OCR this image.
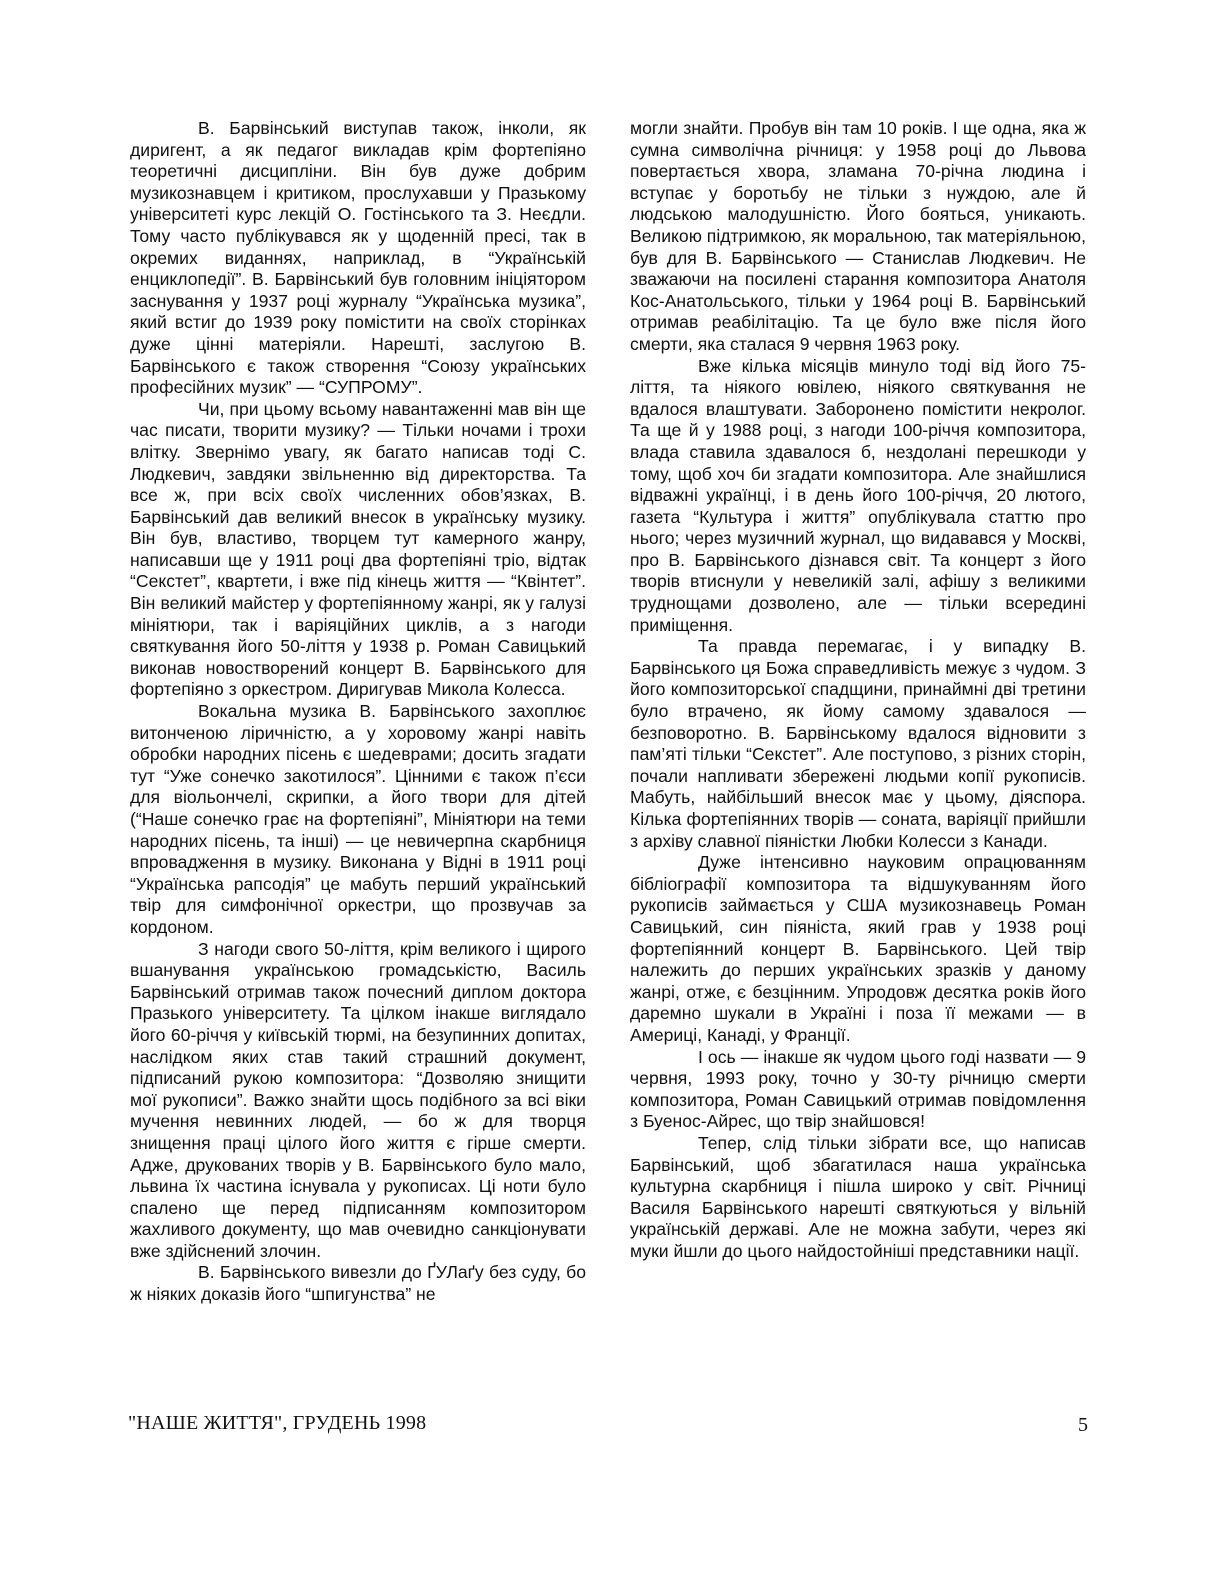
В. Барвінський виступав також, інколи, як диригент, а як педагог викладав крім фортепіяно теоретичні дисципліни. Він був дуже добрим музикознавцем і критиком, прослухавши у Празькому університеті курс лекцій О. Гостінського та З. Неєдли. Тому часто публікувався як у щоденній пресі, так в окремих виданнях, наприклад, в “Українській енциклопедії”. В. Барвінський був головним ініціятором заснування у 1937 році журналу “Українська музика”, який встиг до 1939 року помістити на своїх сторінках дуже цінні матеріяли. Нарешті, заслугою В. Барвінського є також створення “Союзу українських професійних музик” — “СУПРОМУ”.

Чи, при цьому всьому навантаженні мав він ще час писати, творити музику? — Тільки ночами і трохи влітку. Звернімо увагу, як багато написав тоді С. Людкевич, завдяки звільненню від директорства. Та все ж, при всіх своїх численних обов’язках, В. Барвінський дав великий внесок в українську музику. Він був, властиво, творцем тут камерного жанру, написавши ще у 1911 році два фортепіяні тріо, відтак “Секстет”, квартети, і вже під кінець життя — “Квінтет”. Він великий майстер у фортепіянному жанрі, як у галузі мініятюри, так і варіяційних циклів, а з нагоди святкування його 50-ліття у 1938 р. Роман Савицький виконав новостворений концерт В. Барвінського для фортепіяно з оркестром. Диригував Микола Колесса.

Вокальна музика В. Барвінського захоплює витонченою ліричністю, а у хоровому жанрі навіть обробки народних пісень є шедеврами; досить згадати тут “Уже сонечко закотилося”. Цінними є також п’єси для віольончелі, скрипки, а його твори для дітей (“Наше сонечко грає на фортепіяні”, Мініятюри на теми народних пісень, та інші) — це невичерпна скарбниця впровадження в музику. Виконана у Відні в 1911 році “Українська рапсодія” це мабуть перший український твір для симфонічної оркестри, що прозвучав за кордоном.

З нагоди свого 50-ліття, крім великого і щирого вшанування українською громадськістю, Василь Барвінський отримав також почесний диплом доктора Празького університету. Та цілком інакше виглядало його 60-річчя у київській тюрмі, на безупинних допитах, наслідком яких став такий страшний документ, підписаний рукою композитора: “Дозволяю знищити мої рукописи”. Важко знайти щось подібного за всі віки мучення невинних людей, — бо ж для творця знищення праці цілого його життя є гірше смерти. Адже, друкованих творів у В. Барвінського було мало, львина їх частина існувала у рукописах. Ці ноти було спалено ще перед підписанням композитором жахливого документу, що мав очевидно санкціонувати вже здійснений злочин.

В. Барвінського вивезли до ҐУЛаґу без суду, бо ж ніяких доказів його “шпигунства” не

могли знайти. Пробув він там 10 років. І ще одна, яка ж сумна символічна річниця: у 1958 році до Львова повертається хвора, зламана 70-річна людина і вступає у боротьбу не тільки з нуждою, але й людською малодушністю. Його бояться, уникають. Великою підтримкою, як моральною, так матеріяльною, був для В. Барвінського — Станислав Людкевич. Не зважаючи на посилені старання композитора Анатоля Кос-Анатольського, тільки у 1964 році В. Барвінський отримав реабілітацію. Та це було вже після його смерти, яка сталася 9 червня 1963 року.

Вже кілька місяців минуло тоді від його 75-ліття, та ніякого ювілею, ніякого святкування не вдалося влаштувати. Заборонено помістити некролог. Та ще й у 1988 році, з нагоди 100-річчя композитора, влада ставила здавалося б, нездолані перешкоди у тому, щоб хоч би згадати композитора. Але знайшлися відважні українці, і в день його 100-річчя, 20 лютого, газета “Культура і життя” опублікувала статтю про нього; через музичний журнал, що видавався у Москві, про В. Барвінського дізнався світ. Та концерт з його творів втиснули у невеликій залі, афішу з великими труднощами дозволено, але — тільки всередині приміщення.

Та правда перемагає, і у випадку В. Барвінського ця Божа справедливість межує з чудом. З його композиторської спадщини, принаймні дві третини було втрачено, як йому самому здавалося — безповоротно. В. Барвінському вдалося відновити з пам’яті тільки “Секстет”. Але поступово, з різних сторін, почали напливати збережені людьми копії рукописів. Мабуть, найбільший внесок має у цьому, діяспора. Кілька фортепіянних творів — соната, варіяції прийшли з архіву славної піяністки Любки Колесси з Канади.

Дуже інтенсивно науковим опрацюванням бібліографії композитора та відшукуванням його рукописів займається у США музикознавець Роман Савицький, син піяніста, який грав у 1938 році фортепіянний концерт В. Барвінського. Цей твір належить до перших українських зразків у даному жанрі, отже, є безцінним. Упродовж десятка років його даремно шукали в Україні і поза її межами — в Америці, Канаді, у Франції.

І ось — інакше як чудом цього годі назвати — 9 червня, 1993 року, точно у 30-ту річницю смерти композитора, Роман Савицький отримав повідомлення з Буенос-Айрес, що твір знайшовся!

Тепер, слід тільки зібрати все, що написав Барвінський, щоб збагатилася наша українська культурна скарбниця і пішла широко у світ. Річниці Василя Барвінського нарешті святкуються у вільній українській державі. Але не можна забути, через які муки йшли до цього найдостойніші представники нації.

"НАШЕ ЖИТТЯ", ГРУДЕНЬ 1998	5
